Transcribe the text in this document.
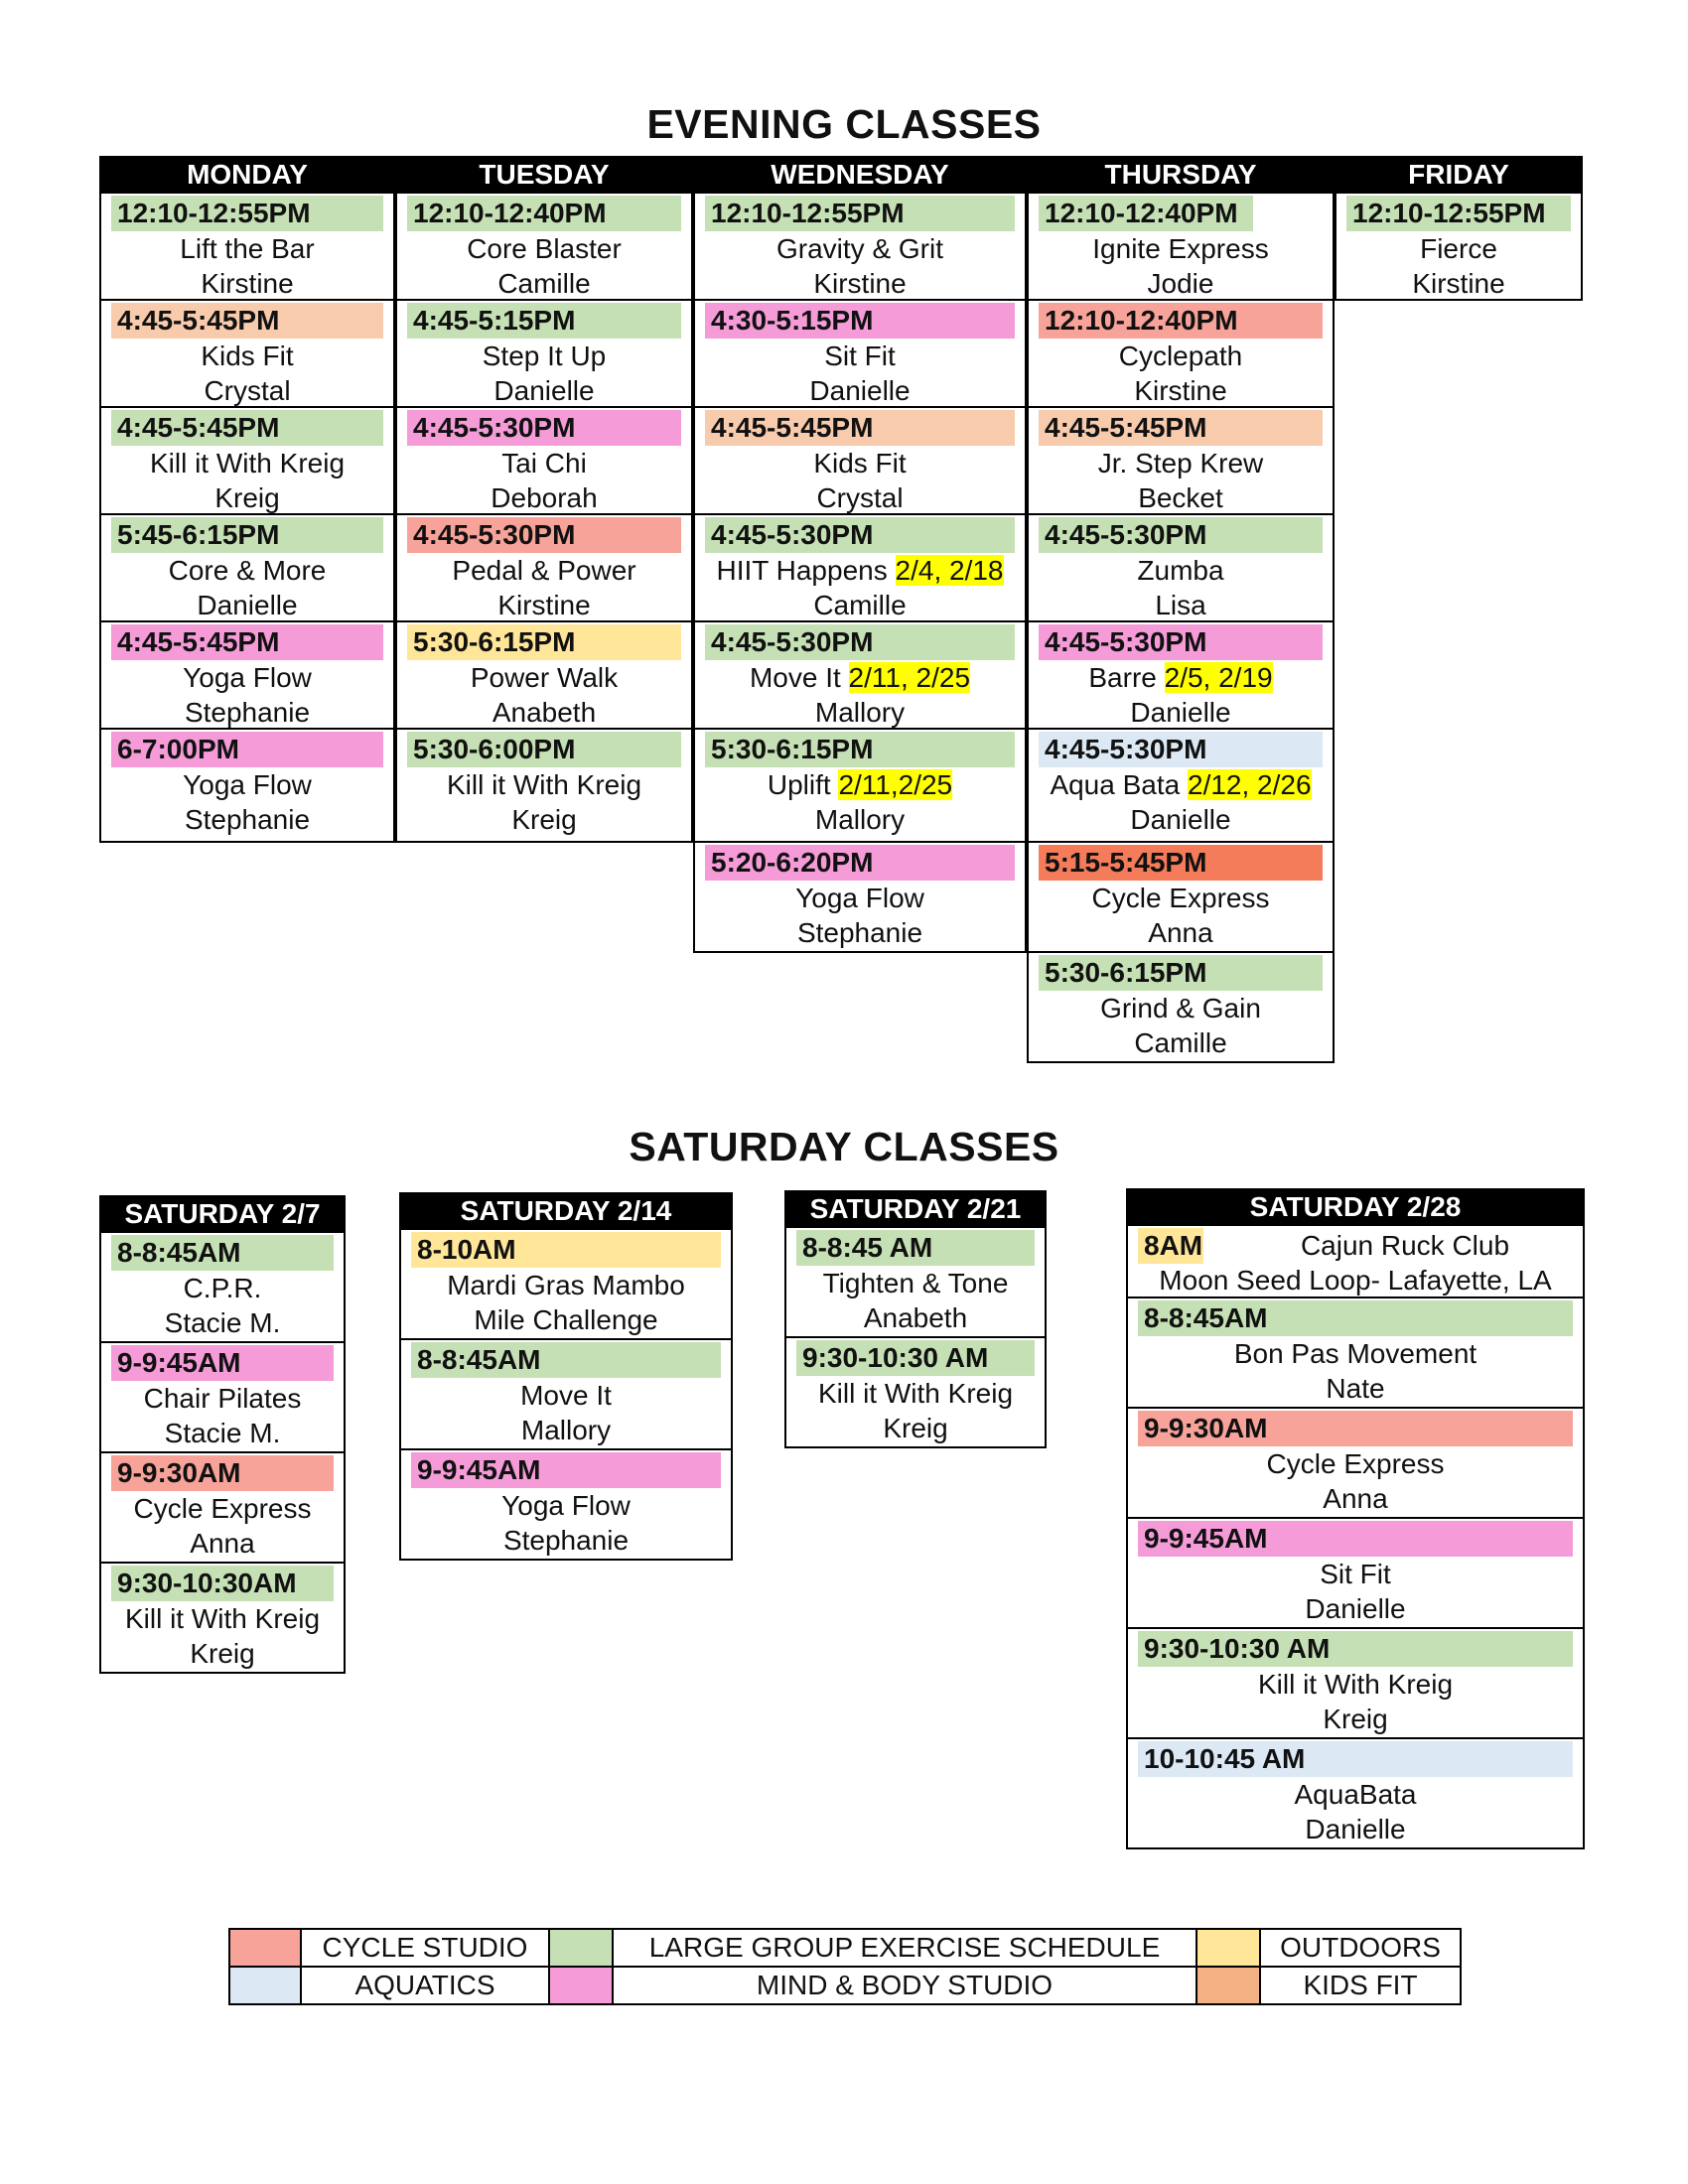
EVENING CLASSES
MONDAY
12:10-12:55PM
Lift the Bar
Kirstine
4:45-5:45PM
Kids Fit
Crystal
4:45-5:45PM
Kill it With Kreig
Kreig
5:45-6:15PM
Core & More
Danielle
4:45-5:45PM
Yoga Flow
Stephanie
6-7:00PM
Yoga Flow
Stephanie
TUESDAY
12:10-12:40PM
Core Blaster
Camille
4:45-5:15PM
Step It Up
Danielle
4:45-5:30PM
Tai Chi
Deborah
4:45-5:30PM
Pedal & Power
Kirstine
5:30-6:15PM
Power Walk
Anabeth
5:30-6:00PM
Kill it With Kreig
Kreig
WEDNESDAY
12:10-12:55PM
Gravity & Grit
Kirstine
4:30-5:15PM
Sit Fit
Danielle
4:45-5:45PM
Kids Fit
Crystal
4:45-5:30PM
HIIT Happens 2/4, 2/18
Camille
4:45-5:30PM
Move It 2/11, 2/25
Mallory
5:30-6:15PM
Uplift 2/11,2/25
Mallory
5:20-6:20PM
Yoga Flow
Stephanie
THURSDAY
12:10-12:40PM
Ignite Express
Jodie
12:10-12:40PM
Cyclepath
Kirstine
4:45-5:45PM
Jr. Step Krew
Becket
4:45-5:30PM
Zumba
Lisa
4:45-5:30PM
Barre 2/5, 2/19
Danielle
4:45-5:30PM
Aqua Bata 2/12, 2/26
Danielle
5:15-5:45PM
Cycle Express
Anna
5:30-6:15PM
Grind & Gain
Camille
FRIDAY
12:10-12:55PM
Fierce
Kirstine
SATURDAY CLASSES
SATURDAY 2/7
8-8:45AM
C.P.R.
Stacie M.
9-9:45AM
Chair Pilates
Stacie M.
9-9:30AM
Cycle Express
Anna
9:30-10:30AM
Kill it With Kreig
Kreig
SATURDAY 2/14
8-10AM
Mardi Gras Mambo
Mile Challenge
8-8:45AM
Move It
Mallory
9-9:45AM
Yoga Flow
Stephanie
SATURDAY 2/21
8-8:45 AM
Tighten & Tone
Anabeth
9:30-10:30 AM
Kill it With Kreig
Kreig
SATURDAY 2/28
8AM	Cajun Ruck Club
Moon Seed Loop- Lafayette, LA
8-8:45AM
Bon Pas Movement
Nate
9-9:30AM
Cycle Express
Anna
9-9:45AM
Sit Fit
Danielle
9:30-10:30 AM
Kill it With Kreig
Kreig
10-10:45 AM
AquaBata
Danielle
	CYCLE STUDIO		LARGE GROUP EXERCISE SCHEDULE		OUTDOORS
	AQUATICS		MIND & BODY STUDIO		KIDS FIT
